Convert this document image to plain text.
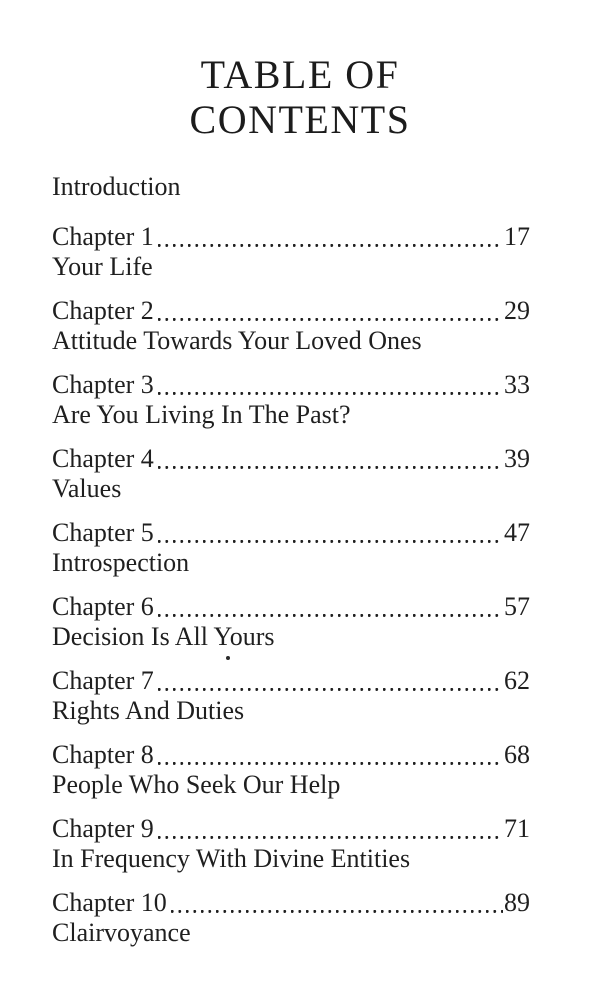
TABLE OF
CONTENTS
Introduction
Chapter 1	17
Your Life
Chapter 2	29
Attitude Towards Your Loved Ones
Chapter 3	33
Are You Living In The Past?
Chapter 4	39
Values
Chapter 5	47
Introspection
Chapter 6	57
Decision Is All Yours
Chapter 7	62
Rights And Duties
Chapter 8	68
People Who Seek Our Help
Chapter 9	71
In Frequency With Divine Entities
Chapter 10	89
Clairvoyance
